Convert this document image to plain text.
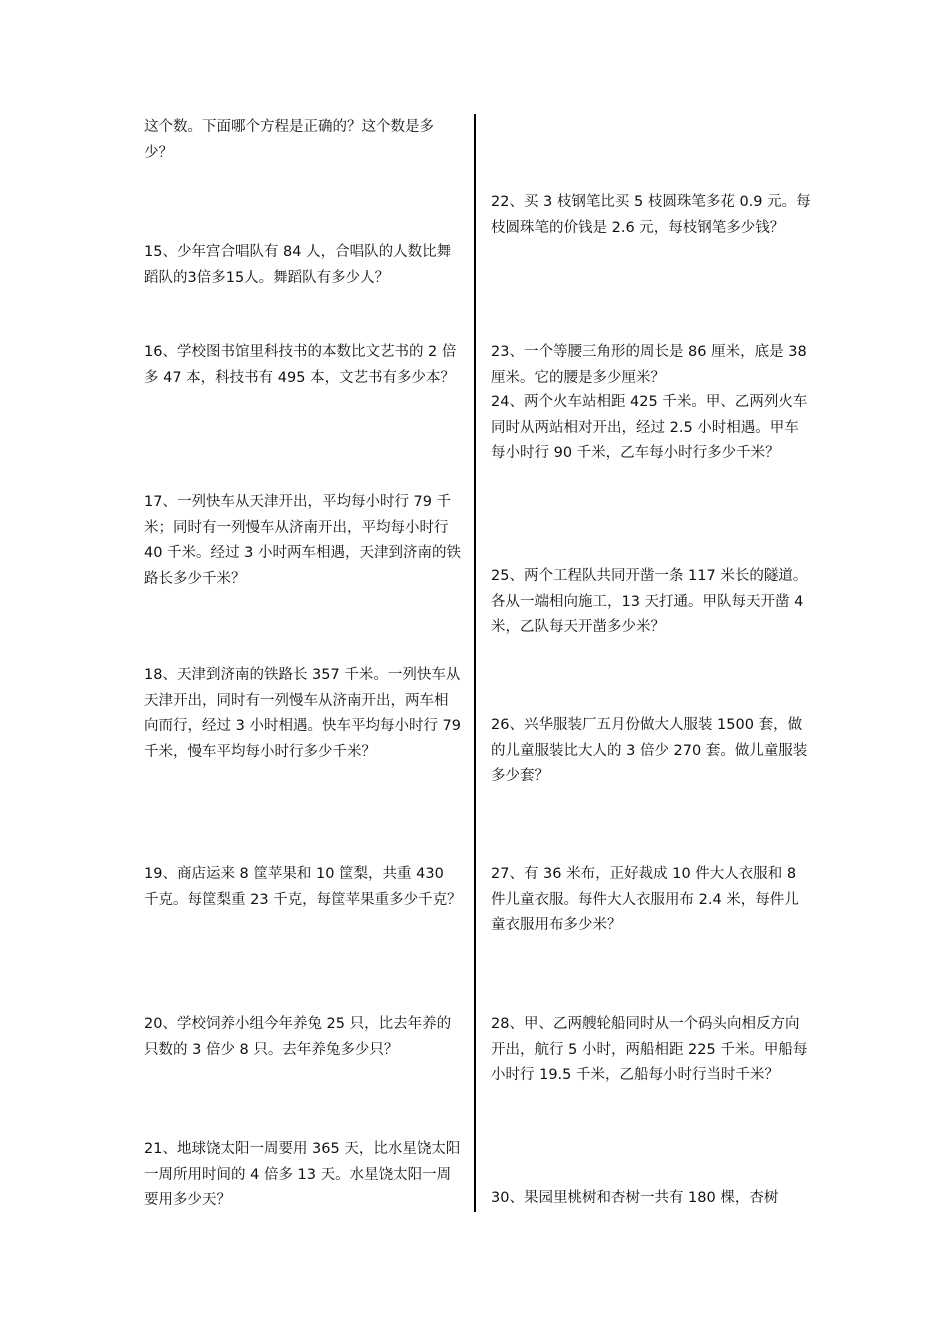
这个数。下面哪个方程是正确的？这个数是多少？

15、少年宫合唱队有 84 人，合唱队的人数比舞蹈队的3倍多15人。舞蹈队有多少人？

16、学校图书馆里科技书的本数比文艺书的 2 倍多 47 本，科技书有 495 本，文艺书有多少本？

17、一列快车从天津开出，平均每小时行 79 千米；同时有一列慢车从济南开出，平均每小时行 40 千米。经过 3 小时两车相遇，天津到济南的铁路长多少千米？

18、天津到济南的铁路长 357 千米。一列快车从天津开出，同时有一列慢车从济南开出，两车相向而行，经过 3 小时相遇。快车平均每小时行 79 千米，慢车平均每小时行多少千米？

19、商店运来 8 筐苹果和 10 筐梨，共重 430 千克。每筐梨重 23 千克，每筐苹果重多少千克？

20、学校饲养小组今年养兔 25 只，比去年养的只数的 3 倍少 8 只。去年养兔多少只？

21、地球饶太阳一周要用 365 天，比水星饶太阳一周所用时间的 4 倍多 13 天。水星饶太阳一周要用多少天？

22、买 3 枝钢笔比买 5 枝圆珠笔多花 0.9 元。每枝圆珠笔的价钱是 2.6 元，每枝钢笔多少钱？

23、一个等腰三角形的周长是 86 厘米，底是 38 厘米。它的腰是多少厘米？

24、两个火车站相距 425 千米。甲、乙两列火车同时从两站相对开出，经过 2.5 小时相遇。甲车每小时行 90 千米，乙车每小时行多少千米？

25、两个工程队共同开凿一条 117 米长的隧道。各从一端相向施工，13 天打通。甲队每天开凿 4 米，乙队每天开凿多少米？

26、兴华服装厂五月份做大人服装 1500 套，做的儿童服装比大人的 3 倍少 270 套。做儿童服装多少套？

27、有 36 米布，正好裁成 10 件大人衣服和 8 件儿童衣服。每件大人衣服用布 2.4 米，每件儿童衣服用布多少米？

28、甲、乙两艘轮船同时从一个码头向相反方向开出，航行 5 小时，两船相距 225 千米。甲船每小时行 19.5 千米，乙船每小时行当时千米？

30、果园里桃树和杏树一共有 180 棵，杏树
